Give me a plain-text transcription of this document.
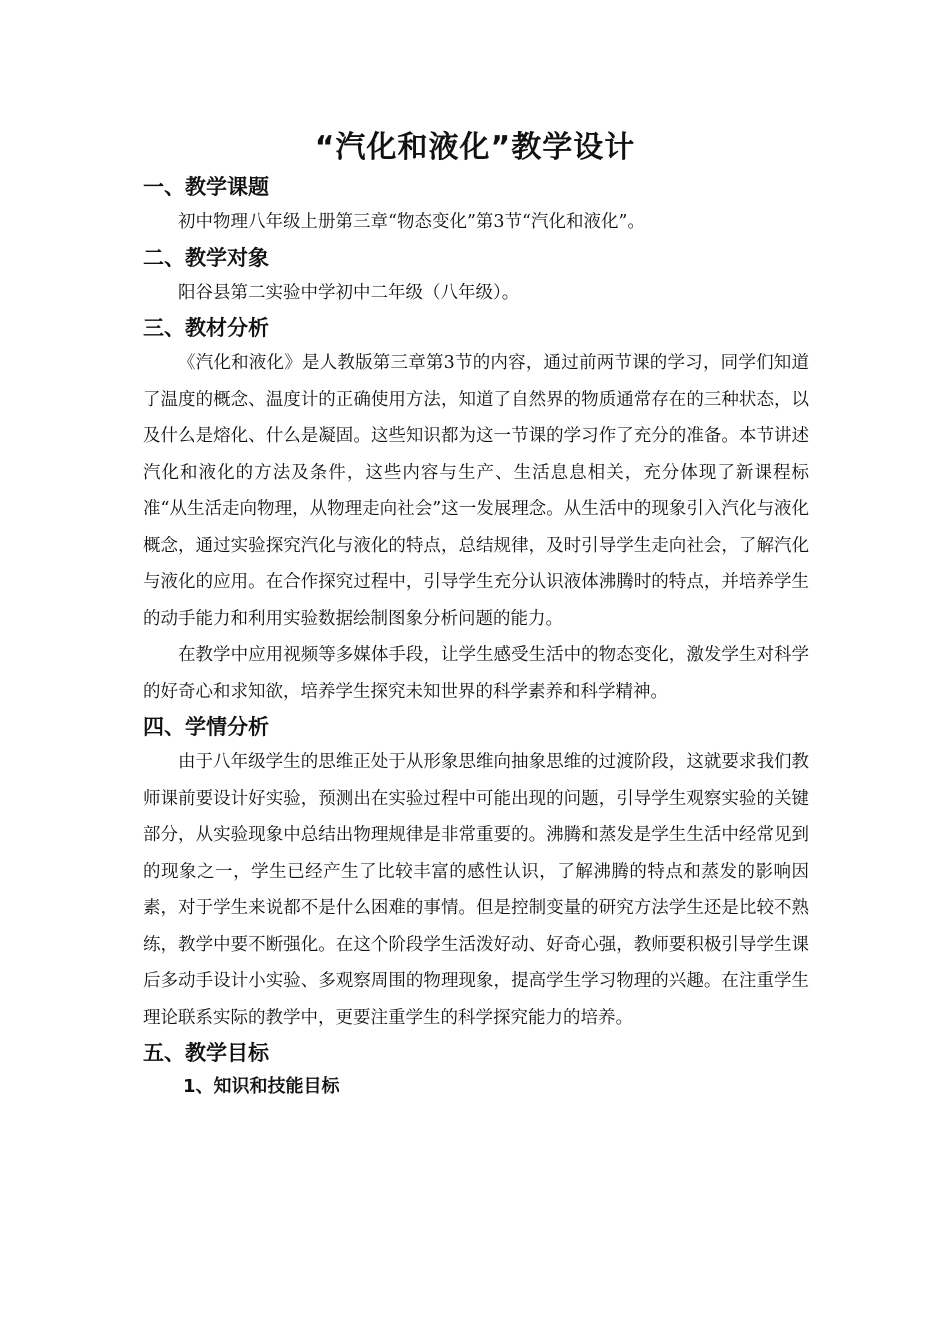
“汽化和液化”教学设计
一、教学课题

初中物理八年级上册第三章“物态变化”第3节“汽化和液化”。

二、教学对象

阳谷县第二实验中学初中二年级（八年级）。

三、教材分析

《汽化和液化》是人教版第三章第3节的内容，通过前两节课的学习，同学们知道了温度的概念、温度计的正确使用方法，知道了自然界的物质通常存在的三种状态，以及什么是熔化、什么是凝固。这些知识都为这一节课的学习作了充分的准备。本节讲述汽化和液化的方法及条件，这些内容与生产、生活息息相关，充分体现了新课程标准“从生活走向物理，从物理走向社会”这一发展理念。从生活中的现象引入汽化与液化概念，通过实验探究汽化与液化的特点，总结规律，及时引导学生走向社会，了解汽化与液化的应用。在合作探究过程中，引导学生充分认识液体沸腾时的特点，并培养学生的动手能力和利用实验数据绘制图象分析问题的能力。

在教学中应用视频等多媒体手段，让学生感受生活中的物态变化，激发学生对科学的好奇心和求知欲，培养学生探究未知世界的科学素养和科学精神。

四、学情分析

由于八年级学生的思维正处于从形象思维向抽象思维的过渡阶段，这就要求我们教师课前要设计好实验，预测出在实验过程中可能出现的问题，引导学生观察实验的关键部分，从实验现象中总结出物理规律是非常重要的。沸腾和蒸发是学生生活中经常见到的现象之一，学生已经产生了比较丰富的感性认识，了解沸腾的特点和蒸发的影响因素，对于学生来说都不是什么困难的事情。但是控制变量的研究方法学生还是比较不熟练，教学中要不断强化。在这个阶段学生活泼好动、好奇心强，教师要积极引导学生课后多动手设计小实验、多观察周围的物理现象，提高学生学习物理的兴趣。在注重学生理论联系实际的教学中，更要注重学生的科学探究能力的培养。

五、教学目标

1、知识和技能目标
